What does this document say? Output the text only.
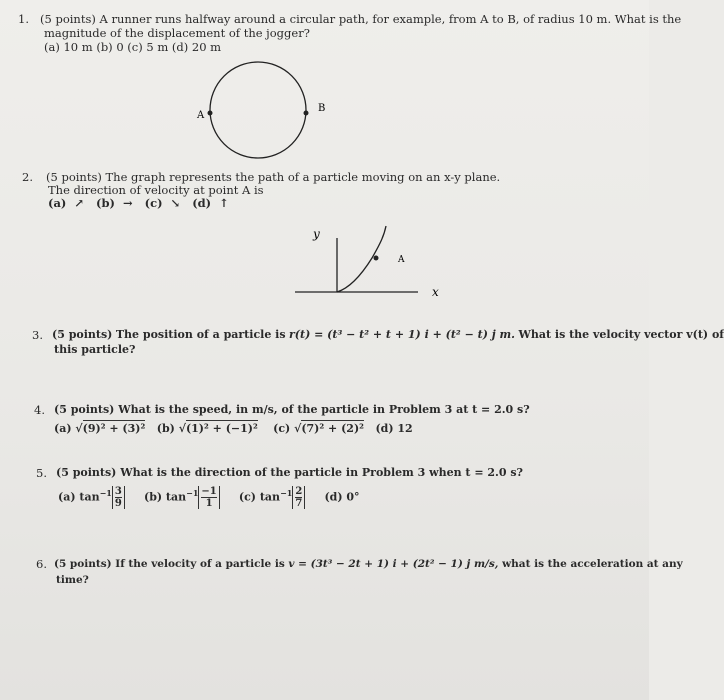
1. (5 points) A runner runs halfway around a circular path, for example, from A to B, of radius 10 m. What is the
magnitude of the displacement of the jogger?
(a) 10 m (b) 0 (c) 5 m (d) 20 m
A
B
y
x
A
2. (5 points) The graph represents the path of a particle moving on an x-y plane.
The direction of velocity at point A is
(a) ↗ (b) → (c) ↘ (d) ↑
3. (5 points) The position of a particle is r(t) = (t³ − t² + t + 1) i + (t² − t) j m. What is the velocity vector v(t) of
this particle?
4. (5 points) What is the speed, in m/s, of the particle in Problem 3 at t = 2.0 s?
(a) √(9)² + (3)² (b) √(1)² + (−1)² (c) √(7)² + (2)² (d) 12
5. (5 points) What is the direction of the particle in Problem 3 when t = 2.0 s?
(a) $\tan^{-1} \frac{3}{9} (b)$ $\tan^{-1} \frac{-1}{1} (c)$ $\tan^{-1} \frac{2}{7} (d)$ 0°
6. (5 points) If the velocity of a particle is v = (3t³ − 2t + 1) i + (2t² − 1) j m/s, what is the acceleration at any
time?
